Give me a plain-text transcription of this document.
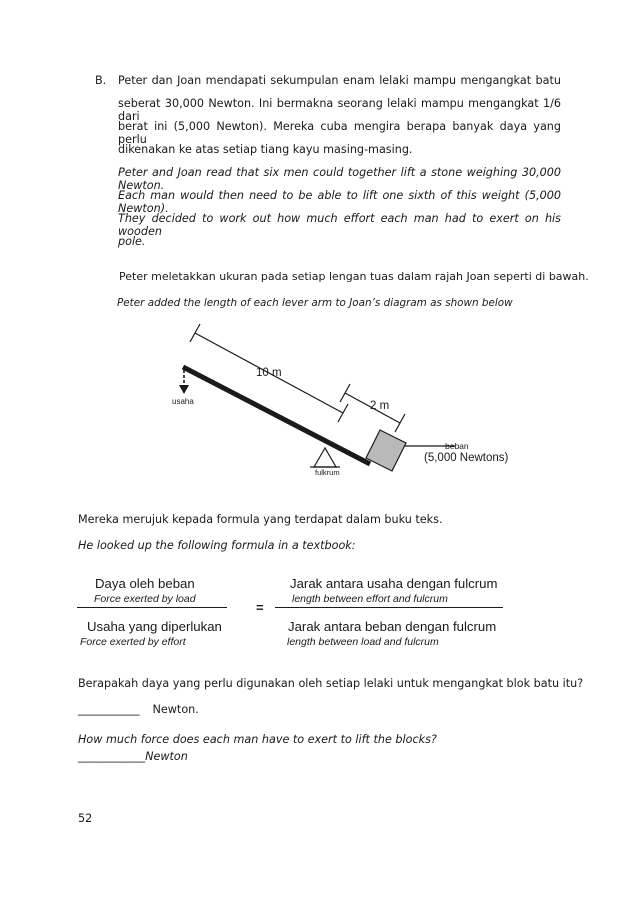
B. Peter dan Joan mendapati sekumpulan enam lelaki mampu mengangkat batu
seberat 30,000 Newton. Ini bermakna seorang lelaki mampu mengangkat 1/6 dari
berat ini (5,000 Newton). Mereka cuba mengira berapa banyak daya yang perlu
dikenakan ke atas setiap tiang kayu masing-masing.
Peter and Joan read that six men could together lift a stone weighing 30,000 Newton.
Each man would then need to be able to lift one sixth of this weight (5,000 Newton).
They decided to work out how much effort each man had to exert on his wooden
pole.
Peter meletakkan ukuran pada setiap lengan tuas dalam rajah Joan seperti di bawah.
Peter added the length of each lever arm to Joan’s diagram as shown below
usaha
10 m
2 m
beban
(5,000 Newtons)
fulkrum
Mereka merujuk kepada formula yang terdapat dalam buku teks.
He looked up the following formula in a textbook:
Daya oleh beban
Force exerted by load
Usaha yang diperlukan
Force exerted by effort
=
Jarak antara usaha dengan fulcrum
length between effort and fulcrum
Jarak antara beban dengan fulcrum
length between load and fulcrum
Berapakah daya yang perlu digunakan oleh setiap lelaki untuk mengangkat blok batu itu?
___________ Newton.
How much force does each man have to exert to lift the blocks?
____________Newton
52
